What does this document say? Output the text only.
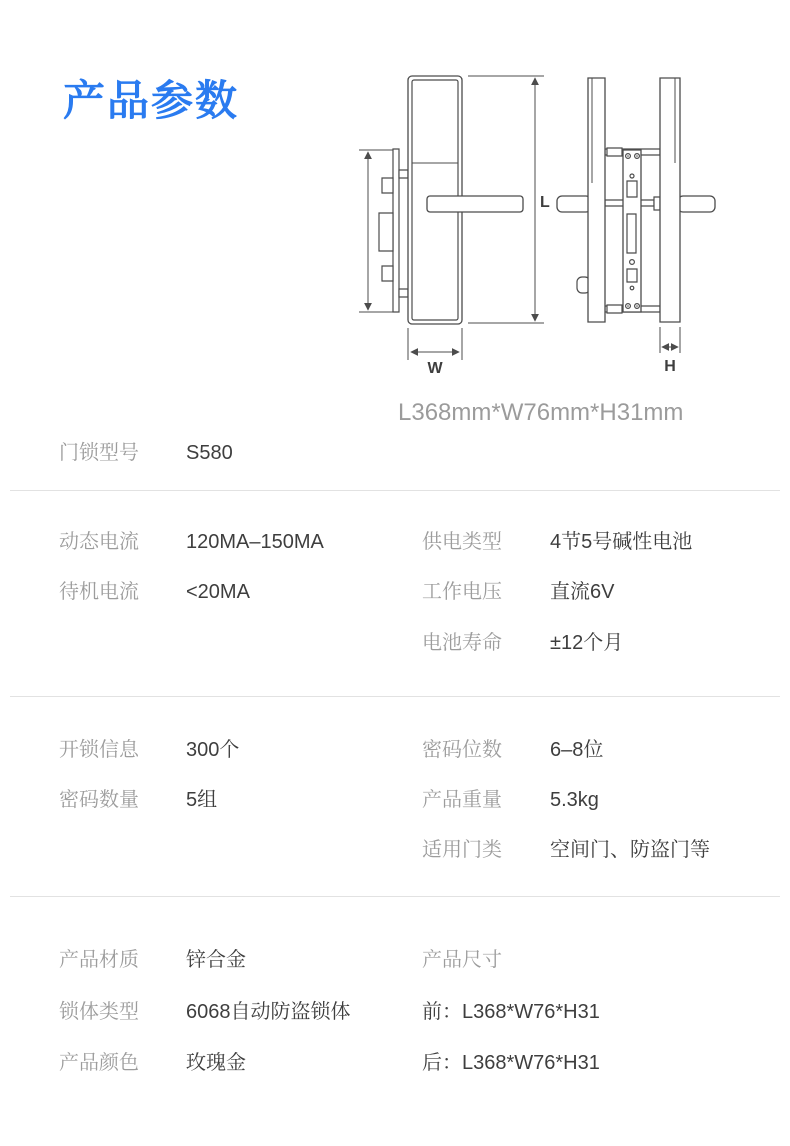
产品参数
L
W	H
L368mm*W76mm*H31mm
门锁型号 S580
动态电流 120MA–150MA	供电类型 4节5号碱性电池
待机电流 <20MA	工作电压 直流6V
电池寿命 ±12个月
开锁信息 300个	密码位数 6–8位
密码数量 5组	产品重量 5.3kg
适用门类 空间门、防盗门等
产品材质 锌合金	产品尺寸
锁体类型 6068自动防盗锁体	前：L368*W76*H31
产品颜色 玫瑰金	后：L368*W76*H31
